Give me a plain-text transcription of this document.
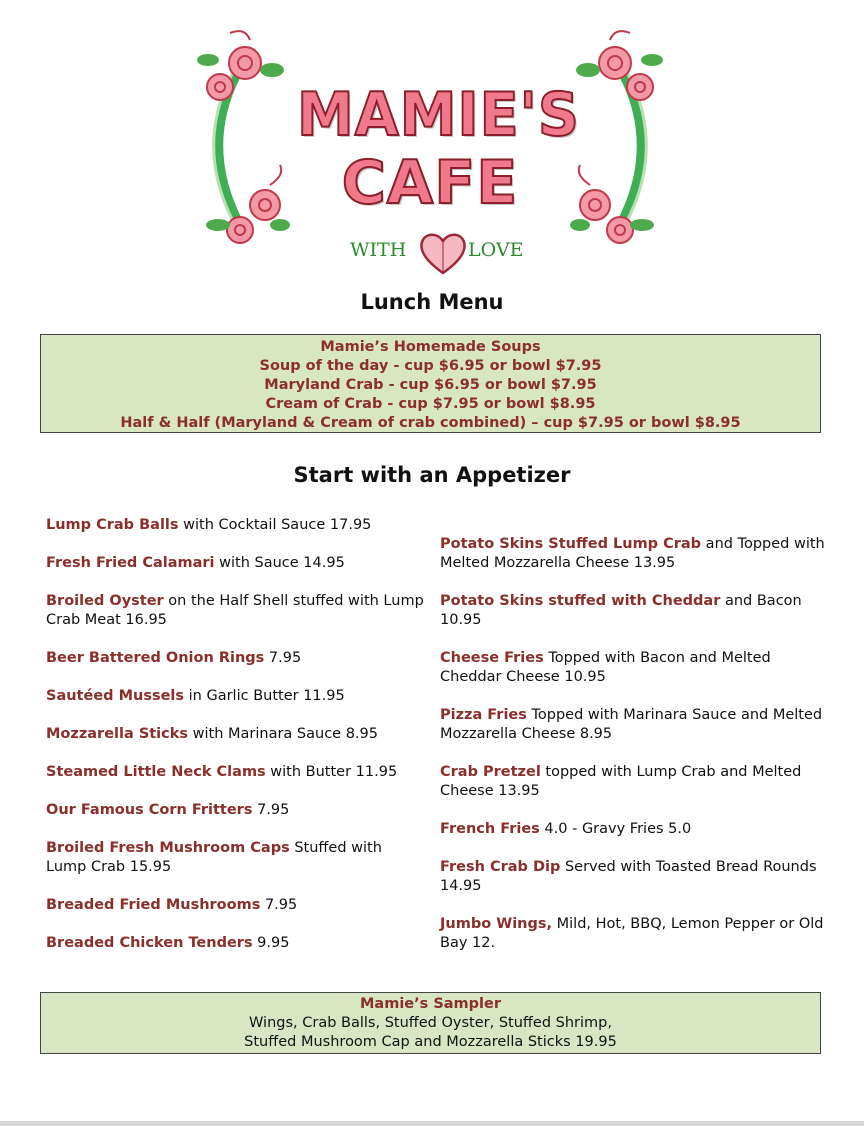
MAMIE'S
CAFE
WITH	LOVE
Lunch Menu
Mamie’s Homemade Soups
Soup of the day - cup $6.95 or bowl $7.95
Maryland Crab - cup $6.95 or bowl $7.95
Cream of Crab - cup $7.95 or bowl $8.95
Half & Half (Maryland & Cream of crab combined) – cup $7.95 or bowl $8.95
Start with an Appetizer
Lump Crab Balls with Cocktail Sauce 17.95
Fresh Fried Calamari with Sauce 14.95
Broiled Oyster on the Half Shell stuffed with Lump Crab Meat 16.95
Beer Battered Onion Rings 7.95
Sautéed Mussels in Garlic Butter 11.95
Mozzarella Sticks with Marinara Sauce 8.95
Steamed Little Neck Clams with Butter 11.95
Our Famous Corn Fritters 7.95
Broiled Fresh Mushroom Caps Stuffed with Lump Crab 15.95
Breaded Fried Mushrooms 7.95
Breaded Chicken Tenders 9.95
Potato Skins Stuffed Lump Crab and Topped with Melted Mozzarella Cheese 13.95
Potato Skins stuffed with Cheddar and Bacon 10.95
Cheese Fries Topped with Bacon and Melted Cheddar Cheese 10.95
Pizza Fries Topped with Marinara Sauce and Melted Mozzarella Cheese 8.95
Crab Pretzel topped with Lump Crab and Melted Cheese 13.95
French Fries 4.0 - Gravy Fries 5.0
Fresh Crab Dip Served with Toasted Bread Rounds 14.95
Jumbo Wings, Mild, Hot, BBQ, Lemon Pepper or Old Bay 12.
Mamie’s Sampler
Wings, Crab Balls, Stuffed Oyster, Stuffed Shrimp,
Stuffed Mushroom Cap and Mozzarella Sticks 19.95
